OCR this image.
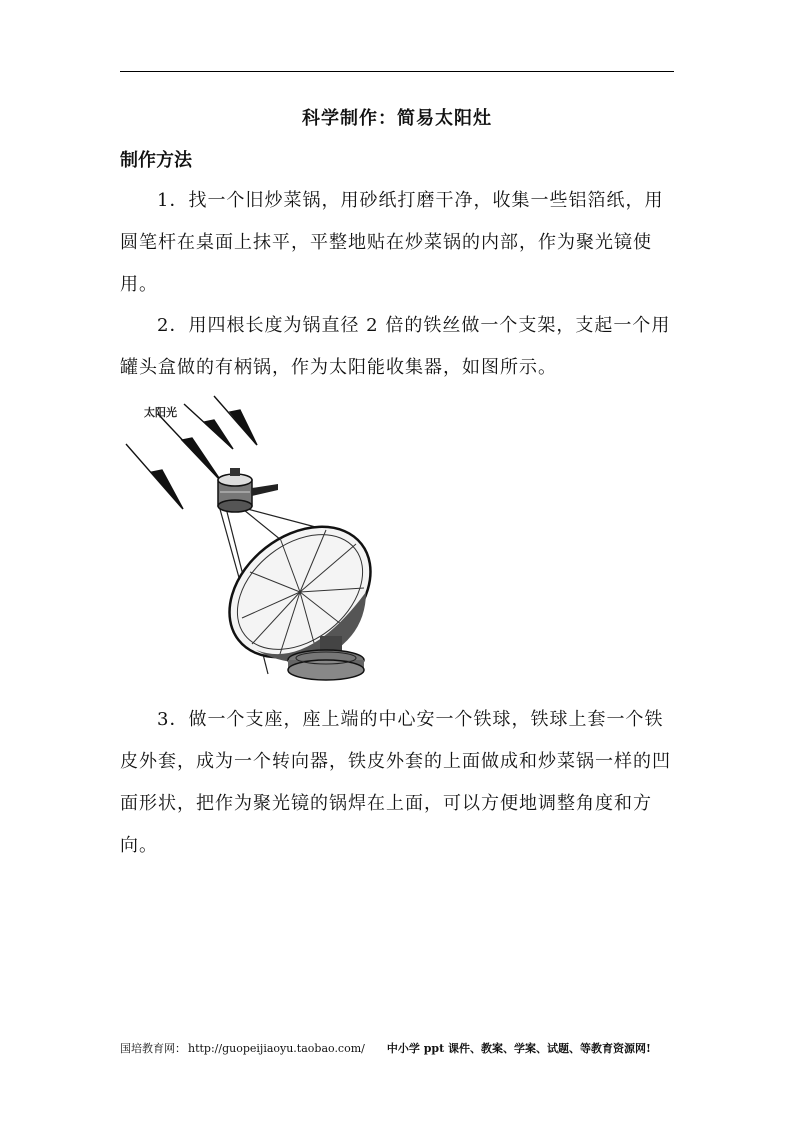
科学制作：简易太阳灶
制作方法

1．找一个旧炒菜锅，用砂纸打磨干净，收集一些铝箔纸，用圆笔杆在桌面上抹平，平整地贴在炒菜锅的内部，作为聚光镜使用。

2．用四根长度为锅直径 2 倍的铁丝做一个支架，支起一个用罐头盒做的有柄锅，作为太阳能收集器，如图所示。

太阳光

3．做一个支座，座上端的中心安一个铁球，铁球上套一个铁皮外套，成为一个转向器，铁皮外套的上面做成和炒菜锅一样的凹面形状，把作为聚光镜的锅焊在上面，可以方便地调整角度和方向。

国培教育网： http://guopeijiaoyu.taobao.com/ 中小学 ppt 课件、教案、学案、试题、等教育资源网!
